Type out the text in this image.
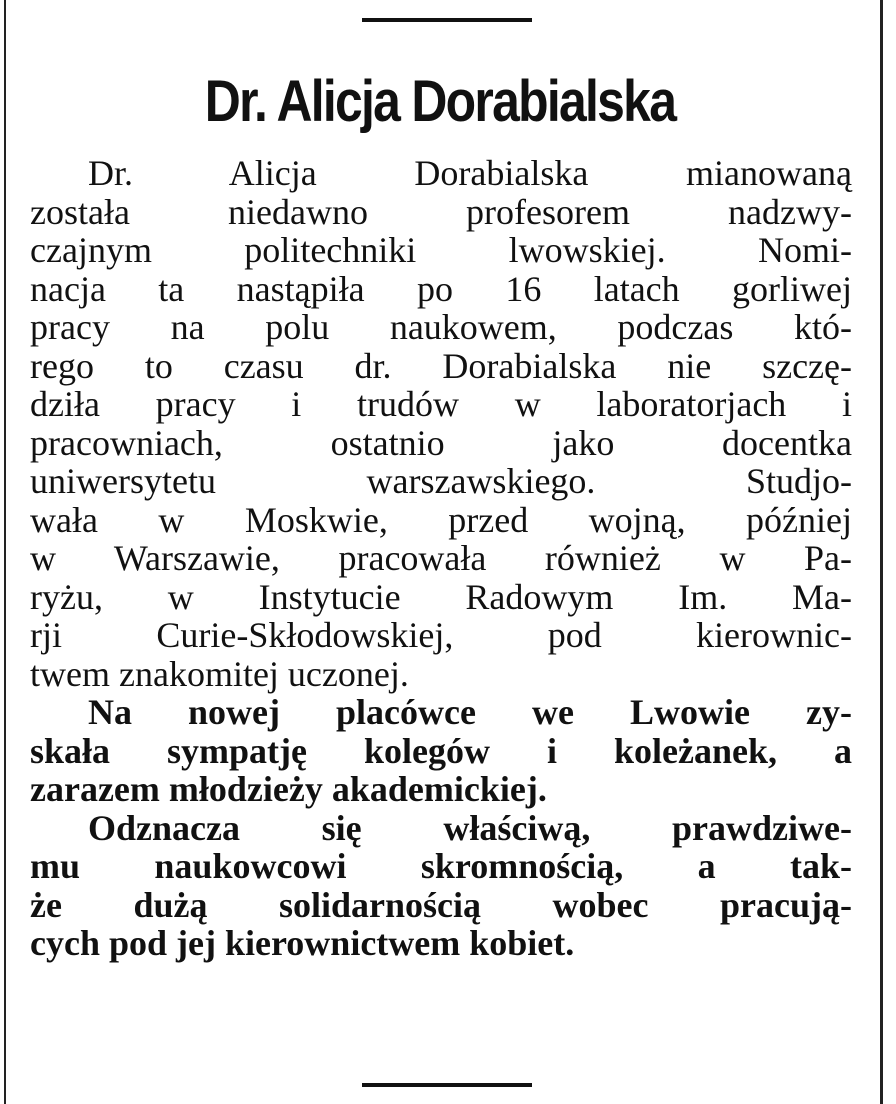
Dr. Alicja Dorabialska
Dr. Alicja Dorabialska mianowaną
została niedawno profesorem nadzwy-
czajnym politechniki lwowskiej. Nomi-
nacja ta nastąpiła po 16 latach gorliwej
pracy na polu naukowem, podczas któ-
rego to czasu dr. Dorabialska nie szczę-
dziła pracy i trudów w laboratorjach i
pracowniach, ostatnio jako docentka
uniwersytetu warszawskiego. Studjo-
wała w Moskwie, przed wojną, później
w Warszawie, pracowała również w Pa-
ryżu, w Instytucie Radowym Im. Ma-
rji Curie-Skłodowskiej, pod kierownic-
twem znakomitej uczonej.
Na nowej placówce we Lwowie zy-
skała sympatję kolegów i koleżanek, a
zarazem młodzieży akademickiej.
Odznacza się właściwą, prawdziwe-
mu naukowcowi skromnością, a tak-
że dużą solidarnością wobec pracują-
cych pod jej kierownictwem kobiet.
